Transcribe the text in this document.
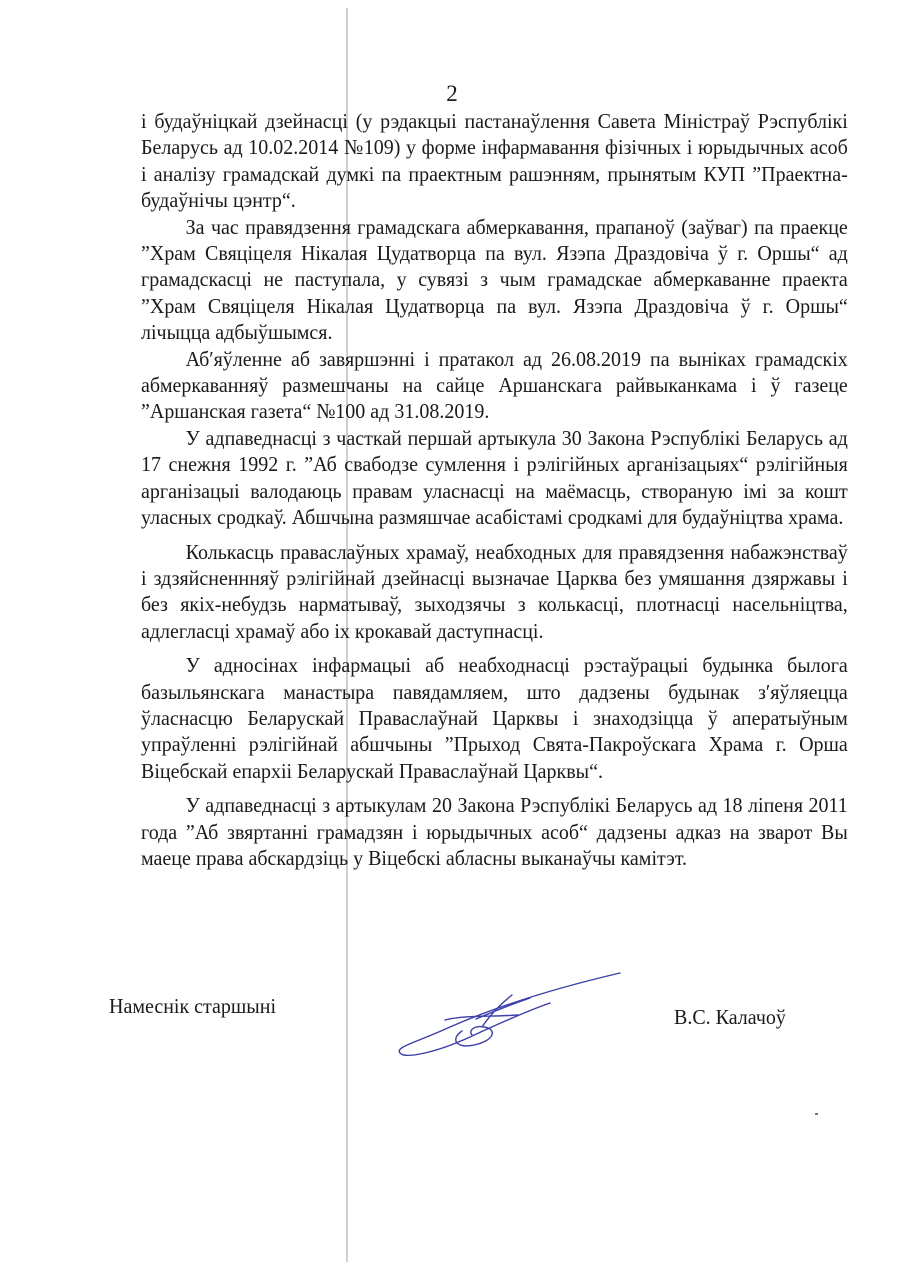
2

і будаўніцкай дзейнасці (у рэдакцыі пастанаўлення Савета Міністраў Рэспублікі Беларусь ад 10.02.2014 №109) у форме інфармавання фізічных і юрыдычных асоб і аналізу грамадскай думкі па праектным рашэнням, прынятым КУП ”Праектна-будаўнічы цэнтр“.

За час правядзення грамадскага абмеркавання, прапаноў (заўваг) па праекце ”Храм Свяціцеля Нікалая Цудатворца па вул. Язэпа Драздовіча ў г. Оршы“ ад грамадскасці не паступала, у сувязі з чым грамадскае абмеркаванне праекта ”Храм Свяціцеля Нікалая Цудатворца па вул. Язэпа Драздовіча ў г. Оршы“ лічыцца адбыўшымся.

Аб′яўленне аб завяршэнні і пратакол ад 26.08.2019 па выніках грамадскіх абмеркаванняў размешчаны на сайце Аршанскага райвыканкама і ў газеце ”Аршанская газета“ №100 ад 31.08.2019.

У адпаведнасці з часткай першай артыкула 30 Закона Рэспублікі Беларусь ад 17 снежня 1992 г. ”Аб свабодзе сумлення і рэлігійных арганізацыях“ рэлігійныя арганізацыі валодаюць правам уласнасці на маёмасць, створаную імі за кошт уласных сродкаў. Абшчына размяшчае асабістамі сродкамі для будаўніцтва храма.

Колькасць праваслаўных храмаў, неабходных для правядзення набажэнстваў і здзяйсненнняў рэлігійнай дзейнасці вызначае Царква без умяшання дзяржавы і без якіх-небудзь нарматываў, зыходзячы з колькасці, плотнасці насельніцтва, адлегласці храмаў або іх крокавай даступнасці.

У адносінах інфармацыі аб неабходнасці рэстаўрацыі будынка былога базыльянскага манастыра павядамляем, што дадзены будынак з′яўляецца ўласнасцю Беларускай Праваслаўнай Царквы і знаходзіцца ў аператыўным упраўленні рэлігійнай абшчыны ”Прыход Свята-Пакроўскага Храма г. Орша Віцебскай епархіі Беларускай Праваслаўнай Царквы“.

У адпаведнасці з артыкулам 20 Закона Рэспублікі Беларусь ад 18 ліпеня 2011 года ”Аб звяртанні грамадзян і юрыдычных асоб“ дадзены адказ на зварот Вы маеце права абскардзіць у Віцебскі абласны выканаўчы камітэт.

Намеснік старшыні	В.С. Калачоў
